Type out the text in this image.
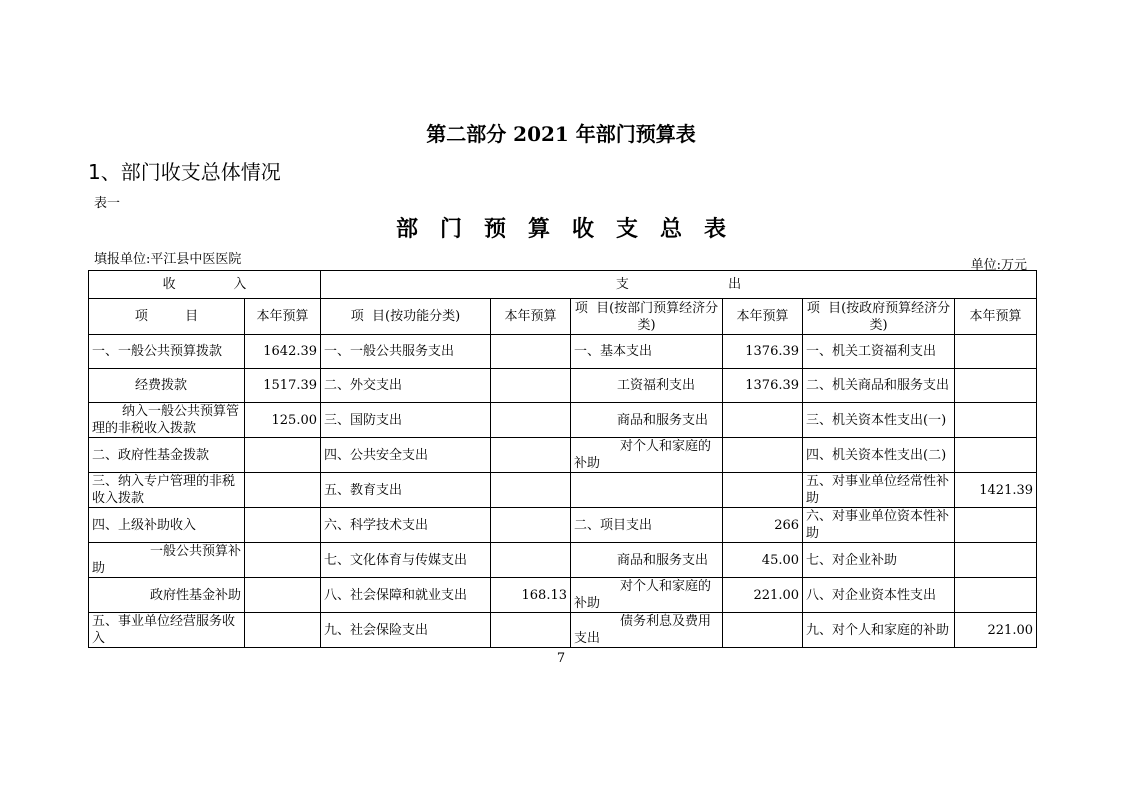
第二部分 2021 年部门预算表
1、部门收支总体情况
表一
部门预算收支总表
填报单位:平江县中医医院	单位:万元
收              入		支                        出					
项         目	本年预算	项  目(按功能分类)	本年预算	项  目(按部门预算经济分类)	本年预算	项  目(按政府预算经济分类)	本年预算
一、一般公共预算拨款	1642.39	一、一般公共服务支出		一、基本支出	1376.39	一、机关工资福利支出	
经费拨款	1517.39	二、外交支出		工资福利支出	1376.39	二、机关商品和服务支出	
纳入一般公共预算管理的非税收入拨款	125.00	三、国防支出		商品和服务支出		三、机关资本性支出(一)	
二、政府性基金拨款		四、公共安全支出		对个人和家庭的补助		四、机关资本性支出(二)	
三、纳入专户管理的非税收入拨款		五、教育支出				五、对事业单位经常性补助	1421.39
四、上级补助收入		六、科学技术支出		二、项目支出	266	六、对事业单位资本性补助	
一般公共预算补助		七、文化体育与传媒支出		商品和服务支出	45.00	七、对企业补助	
政府性基金补助		八、社会保障和就业支出	168.13	对个人和家庭的补助	221.00	八、对企业资本性支出	
五、事业单位经营服务收入		九、社会保险支出		债务利息及费用支出		九、对个人和家庭的补助	221.00
7
